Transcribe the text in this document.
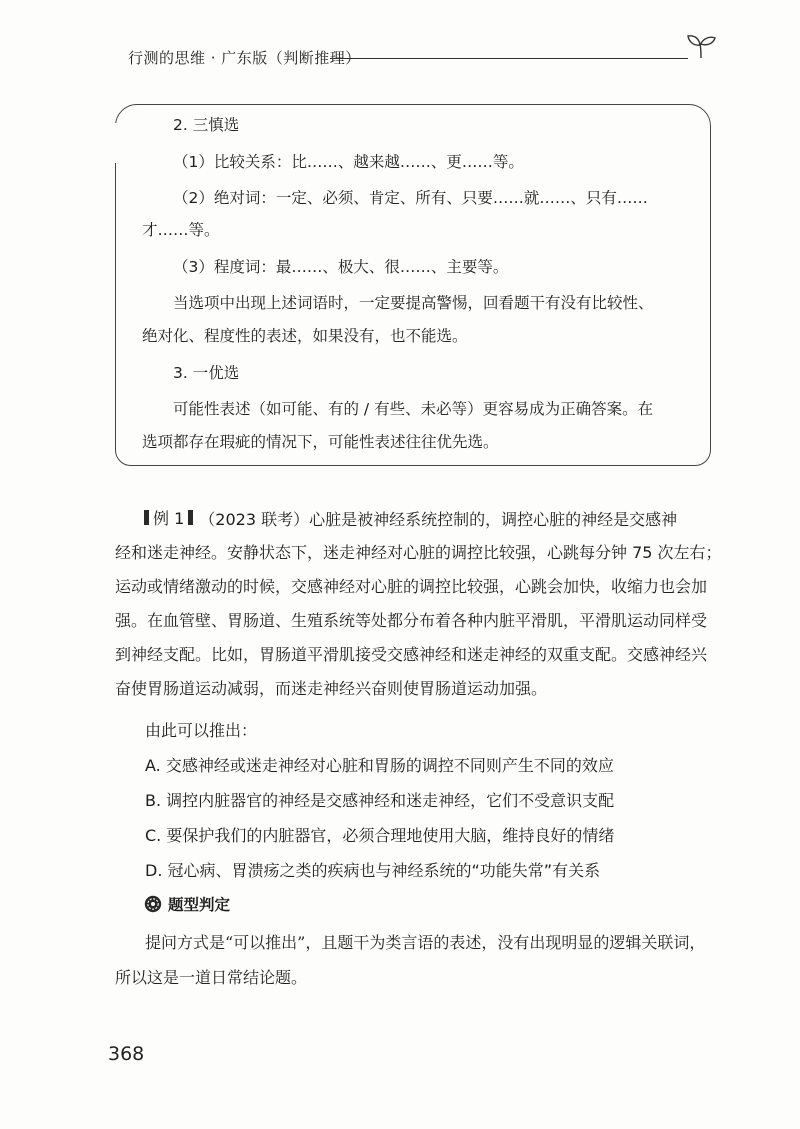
行测的思维 · 广东版（判断推理）
2. 三慎选
（1）比较关系：比……、越来越……、更……等。
（2）绝对词：一定、必须、肯定、所有、只要……就……、只有……
才……等。
（3）程度词：最……、极大、很……、主要等。
当选项中出现上述词语时，一定要提高警惕，回看题干有没有比较性、
绝对化、程度性的表述，如果没有，也不能选。
3. 一优选
可能性表述（如可能、有的 / 有些、未必等）更容易成为正确答案。在
选项都存在瑕疵的情况下，可能性表述往往优先选。
例 1 （2023 联考）心脏是被神经系统控制的，调控心脏的神经是交感神
经和迷走神经。安静状态下，迷走神经对心脏的调控比较强，心跳每分钟 75 次左右；
运动或情绪激动的时候，交感神经对心脏的调控比较强，心跳会加快，收缩力也会加
强。在血管壁、胃肠道、生殖系统等处都分布着各种内脏平滑肌，平滑肌运动同样受
到神经支配。比如，胃肠道平滑肌接受交感神经和迷走神经的双重支配。交感神经兴
奋使胃肠道运动减弱，而迷走神经兴奋则使胃肠道运动加强。
由此可以推出：
A. 交感神经或迷走神经对心脏和胃肠的调控不同则产生不同的效应
B. 调控内脏器官的神经是交感神经和迷走神经，它们不受意识支配
C. 要保护我们的内脏器官，必须合理地使用大脑，维持良好的情绪
D. 冠心病、胃溃疡之类的疾病也与神经系统的“功能失常”有关系
题型判定
提问方式是“可以推出”，且题干为类言语的表述，没有出现明显的逻辑关联词，
所以这是一道日常结论题。
368
